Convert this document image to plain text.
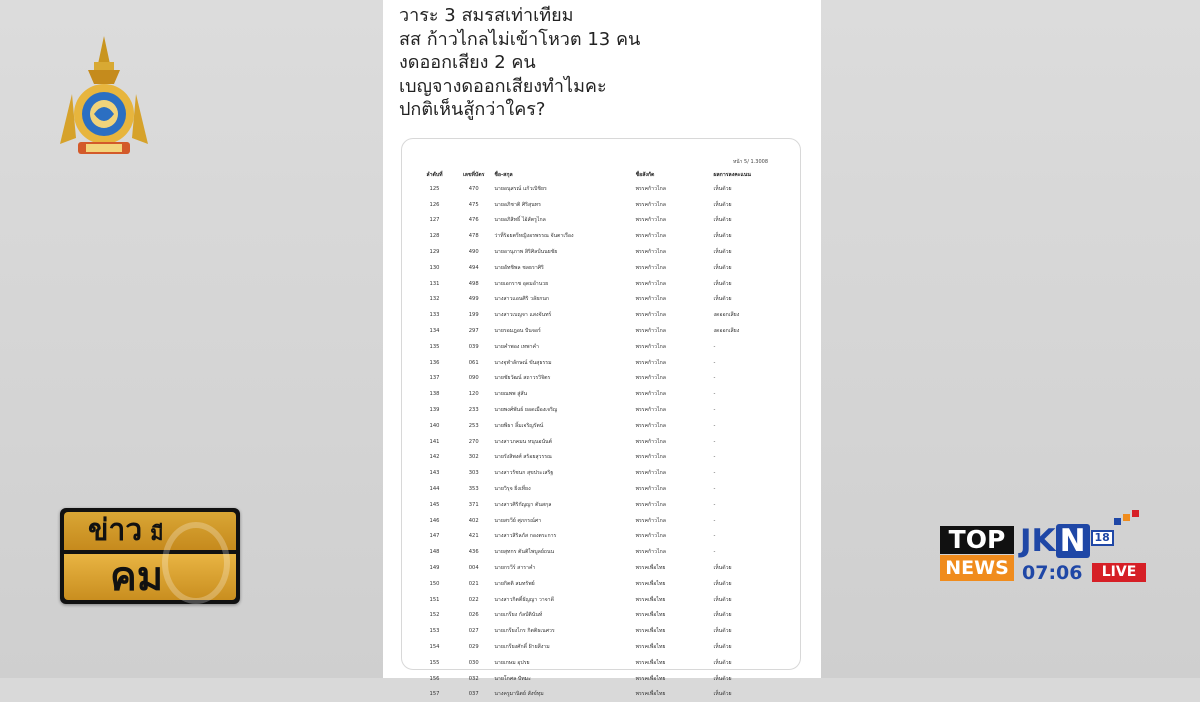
ข่าว มี
คม
วาระ 3 สมรสเท่าเทียม
สส ก้าวไกลไม่เข้าโหวต 13 คน
งดออกเสียง 2 คน
เบญจางดออกเสียงทำไมคะ
ปกติเห็นสู้กว่าใคร?
หน้า 5/ 1.3008
ลำดับที่	เลขที่บัตร	ชื่อ-สกุล	ชื่อสังกัด	ผลการลงคะแนน
125	470	นายอนุสรณ์ แก้วเบิชิยร	พรรคก้าวไกล	เห็นด้วย
126	475	นายอภิชาติ ศิริสุนทร	พรรคก้าวไกล	เห็นด้วย
127	476	นายอภิสิทธิ์ ไอ้สัตรูไกล	พรรคก้าวไกล	เห็นด้วย
128	478	ว่าที่ร้อยตรีหญิงอรพรรณ จันตาเรือง	พรรคก้าวไกล	เห็นด้วย
129	490	นายอานุภาพ สิริศิลป์นนยชัย	พรรคก้าวไกล	เห็นด้วย
130	494	นายอัทชิพล ชลธราศิริ	พรรคก้าวไกล	เห็นด้วย
131	498	นายเอกราช อุดมอำนวย	พรรคก้าวไกล	เห็นด้วย
132	499	นางสาวแอนศิริ วลัยกนก	พรรคก้าวไกล	เห็นด้วย
133	199	นางสาวเบญจา แสงจันทร์	พรรคก้าวไกล	งดออกเสียง
134	297	นายรอมฎอน ปันจอร์	พรรคก้าวไกล	งดออกเสียง
135	039	นายคำพอง เทพาคำ	พรรคก้าวไกล	-
136	061	นางจุฬาลักษณ์ ขันสุธรรม	พรรคก้าวไกล	-
137	090	นายชัยวัฒน์ สถาวรวิจิตร	พรรคก้าวไกล	-
138	120	นายณพพ สู่สัน	พรรคก้าวไกล	-
139	233	นายพงศ์พันธ์ ยอดเมืองเจริญ	พรรคก้าวไกล	-
140	253	นายพีธา ลิ้มเจริญรัตน์	พรรคก้าวไกล	-
141	270	นางสาวภคมน หนุนอนันต์	พรรคก้าวไกล	-
142	302	นายรังสิพงศ์ สร้อยสุวรรณ	พรรคก้าวไกล	-
143	303	นางสาวรัชนก สุขประเสริฐ	พรรคก้าวไกล	-
144	353	นายวิรุจ ยิ่งเที่ยง	พรรคก้าวไกล	-
145	371	นางสาวศิริกัญญา ตันสกุล	พรรคก้าวไกล	-
146	402	นายสรวีย์ ศุภกรณ์ศา	พรรคก้าวไกล	-
147	421	นางสาวสิริลภัส กองตระการ	พรรคก้าวไกล	-
148	436	นายสุทกร ตันติไพบูลย์ถนน	พรรคก้าวไกล	-
149	004	นายกรวีร์ สาราคำ	พรรคเพื่อไทย	เห็นด้วย
150	021	นายกิตติ สมทรัพย์	พรรคเพื่อไทย	เห็นด้วย
151	022	นางสาวกิตติ์ธัญญา วาจาดี	พรรคเพื่อไทย	เห็นด้วย
152	026	นายเกรียง กัลป์ตินันท์	พรรคเพื่อไทย	เห็นด้วย
153	027	นายเกรียงไกร กิตติธเนศวร	พรรคเพื่อไทย	เห็นด้วย
154	029	นายเกรียงศักดิ์ ฝ้ายสีงาม	พรรคเพื่อไทย	เห็นด้วย
155	030	นายเกษม อุปรย	พรรคเพื่อไทย	เห็นด้วย
156	032	นายโกศล ปัทมะ	พรรคเพื่อไทย	เห็นด้วย
157	037	นางครูมานิตย์ สังข์ทุม	พรรคเพื่อไทย	เห็นด้วย
TOP
NEWS
JK N 18
07:06	LIVE
